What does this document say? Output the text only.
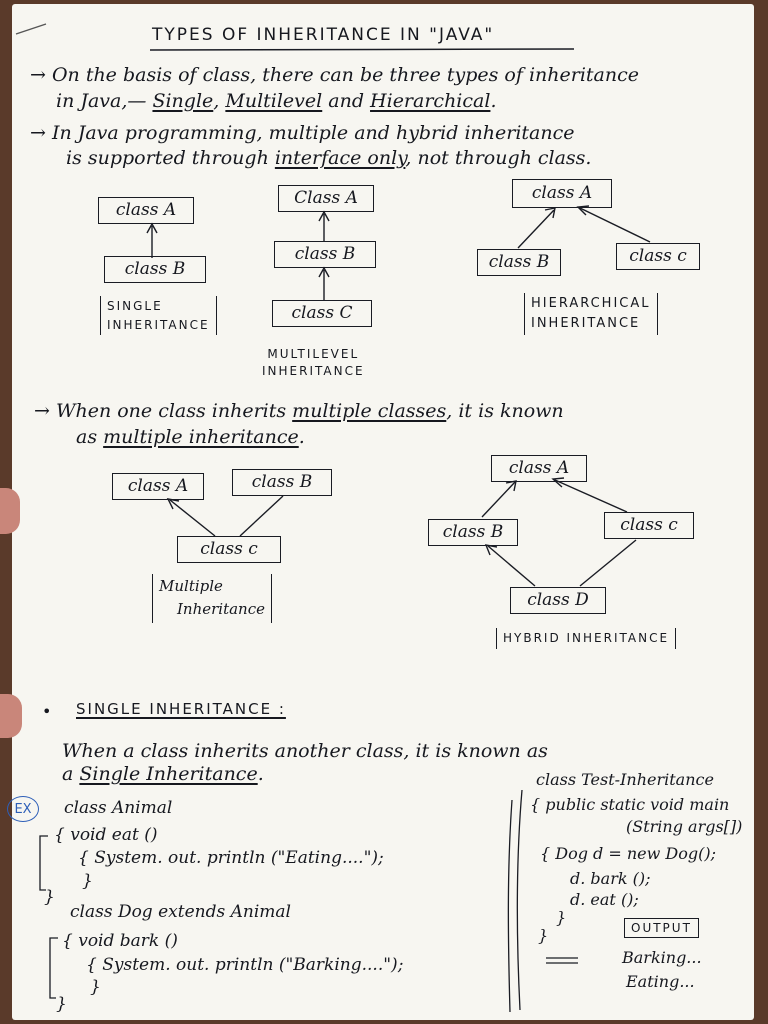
TYPES OF INHERITANCE IN "JAVA"
→ On the basis of class, there can be three types of inheritance
in Java,— Single, Multilevel and Hierarchical.
→ In Java programming, multiple and hybrid inheritance
is supported through interface only, not through class.
class A
class B
SINGLE
INHERITANCE
Class A
class B
class C
MULTILEVEL
INHERITANCE
class A
class B	class c
HIERARCHICAL
INHERITANCE
→ When one class inherits multiple classes, it is known
as multiple inheritance.
class A	class B
class c
Multiple
Inheritance
class A
class B	class c
class D
HYBRID INHERITANCE
• SINGLE INHERITANCE :
When a class inherits another class, it is known as
a Single Inheritance.
EX	class Animal
{ void eat ()
{ System. out. println ("Eating....");
}
}
class Dog extends Animal
{ void bark ()
{ System. out. println ("Barking....");
}
}
class Test-Inheritance
{ public static void main
(String args[])
{ Dog d = new Dog();
d. bark ();
d. eat ();
}
}	OUTPUT
Barking...
Eating...
